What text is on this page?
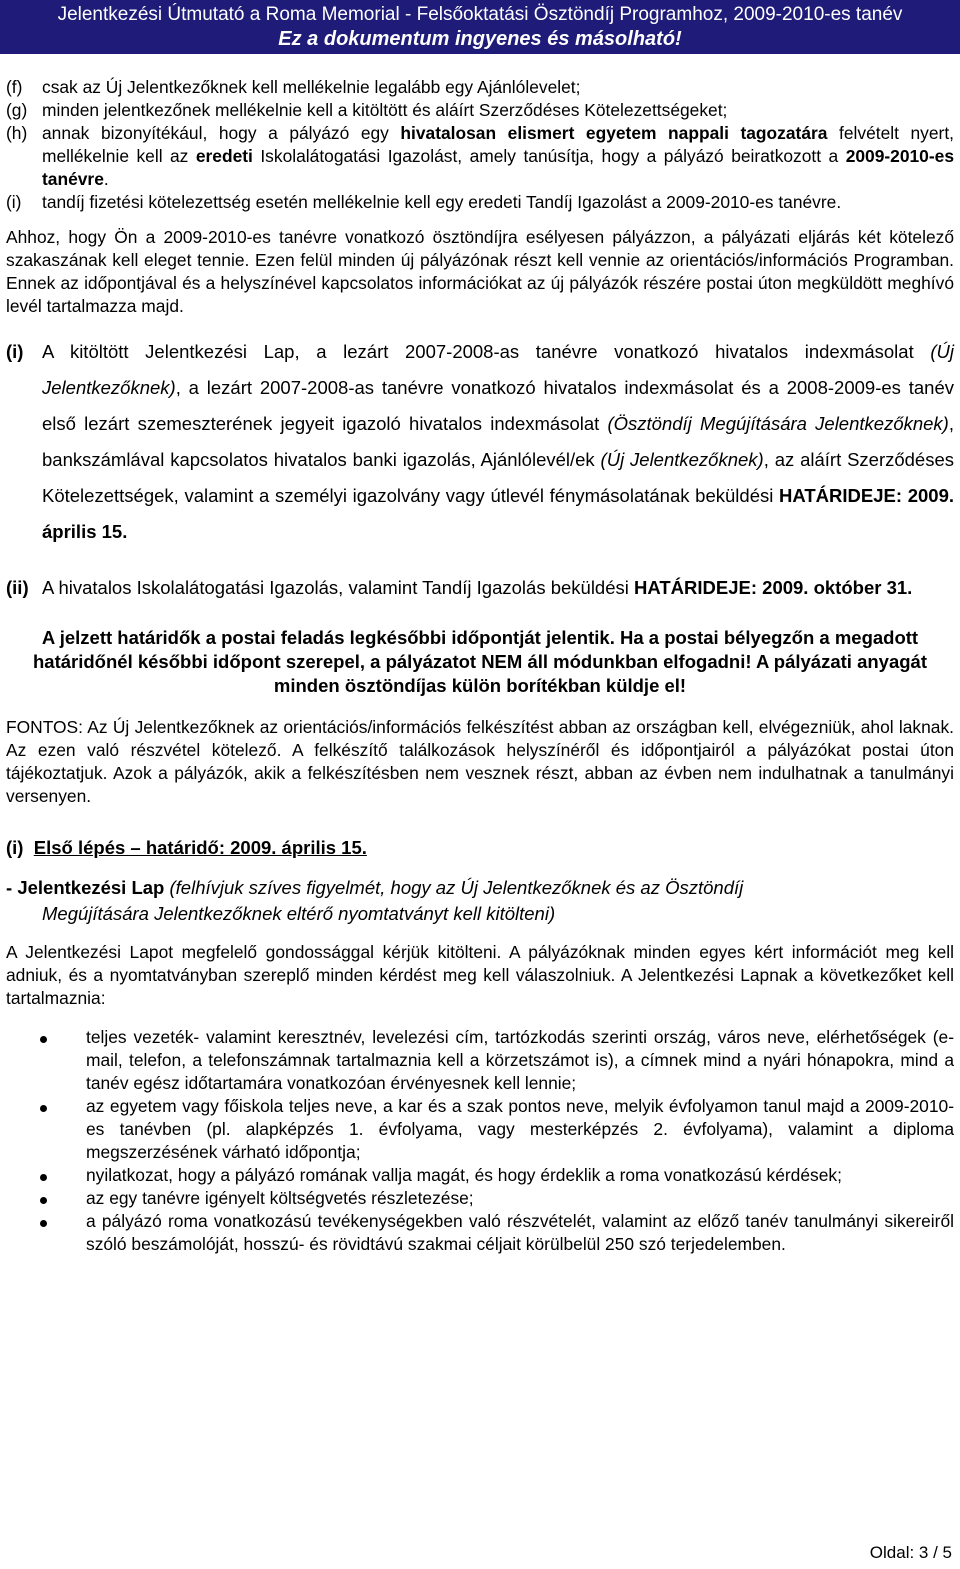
Jelentkezési Útmutató a Roma Memorial - Felsőoktatási Ösztöndíj Programhoz, 2009-2010-es tanév
Ez a dokumentum ingyenes és másolható!
(f)	csak az Új Jelentkezőknek kell mellékelnie legalább egy Ajánlólevelet;
(g) minden jelentkezőnek mellékelnie kell a kitöltött és aláírt Szerződéses Kötelezettségeket;
(h) annak bizonyítékául, hogy a pályázó egy hivatalosan elismert egyetem nappali tagozatára felvételt nyert, mellékelnie kell az eredeti Iskolalátogatási Igazolást, amely tanúsítja, hogy a pályázó beiratkozott a 2009-2010-es tanévre.
(i)	tandíj fizetési kötelezettség esetén mellékelnie kell egy eredeti Tandíj Igazolást a 2009-2010-es tanévre.
Ahhoz, hogy Ön a 2009-2010-es tanévre vonatkozó ösztöndíjra esélyesen pályázzon, a pályázati eljárás két kötelező szakaszának kell eleget tennie. Ezen felül minden új pályázónak részt kell vennie az orientációs/információs Programban. Ennek az időpontjával és a helyszínével kapcsolatos információkat az új pályázók részére postai úton megküldött meghívó levél tartalmazza majd.
(i)	A kitöltött Jelentkezési Lap, a lezárt 2007-2008-as tanévre vonatkozó hivatalos indexmásolat (Új Jelentkezőknek), a lezárt 2007-2008-as tanévre vonatkozó hivatalos indexmásolat és a 2008-2009-es tanév első lezárt szemeszterének jegyeit igazoló hivatalos indexmásolat (Ösztöndíj Megújítására Jelentkezőknek), bankszámlával kapcsolatos hivatalos banki igazolás, Ajánlólevél/ek (Új Jelentkezőknek), az aláírt Szerződéses Kötelezettségek, valamint a személyi igazolvány vagy útlevél fénymásolatának beküldési HATÁRIDEJE: 2009. április 15.
(ii) A hivatalos Iskolalátogatási Igazolás, valamint Tandíj Igazolás beküldési HATÁRIDEJE: 2009. október 31.
A jelzett határidők a postai feladás legkésőbbi időpontját jelentik. Ha a postai bélyegzőn a megadott határidőnél későbbi időpont szerepel, a pályázatot NEM áll módunkban elfogadni! A pályázati anyagát minden ösztöndíjas külön borítékban küldje el!
FONTOS: Az Új Jelentkezőknek az orientációs/információs felkészítést abban az országban kell, elvégezniük, ahol laknak. Az ezen való részvétel kötelező. A felkészítő találkozások helyszínéről és időpontjairól a pályázókat postai úton tájékoztatjuk. Azok a pályázók, akik a felkészítésben nem vesznek részt, abban az évben nem indulhatnak a tanulmányi versenyen.
(i) Első lépés – határidő: 2009. április 15.
- Jelentkezési Lap (felhívjuk szíves figyelmét, hogy az Új Jelentkezőknek és az Ösztöndíj
Megújítására Jelentkezőknek eltérő nyomtatványt kell kitölteni)
A Jelentkezési Lapot megfelelő gondossággal kérjük kitölteni. A pályázóknak minden egyes kért információt meg kell adniuk, és a nyomtatványban szereplő minden kérdést meg kell válaszolniuk. A Jelentkezési Lapnak a következőket kell tartalmaznia:
teljes vezeték- valamint keresztnév, levelezési cím, tartózkodás szerinti ország, város neve, elérhetőségek (e-mail, telefon, a telefonszámnak tartalmaznia kell a körzetszámot is), a címnek mind a nyári hónapokra, mind a tanév egész időtartamára vonatkozóan érvényesnek kell lennie;
az egyetem vagy főiskola teljes neve, a kar és a szak pontos neve, melyik évfolyamon tanul majd a 2009-2010-es tanévben (pl. alapképzés 1. évfolyama, vagy mesterképzés 2. évfolyama), valamint a diploma megszerzésének várható időpontja;
nyilatkozat, hogy a pályázó romának vallja magát, és hogy érdeklik a roma vonatkozású kérdések;
az egy tanévre igényelt költségvetés részletezése;
a pályázó roma vonatkozású tevékenységekben való részvételét, valamint az előző tanév tanulmányi sikereiről szóló beszámolóját, hosszú- és rövidtávú szakmai céljait körülbelül 250 szó terjedelemben.
Oldal: 3 / 5
